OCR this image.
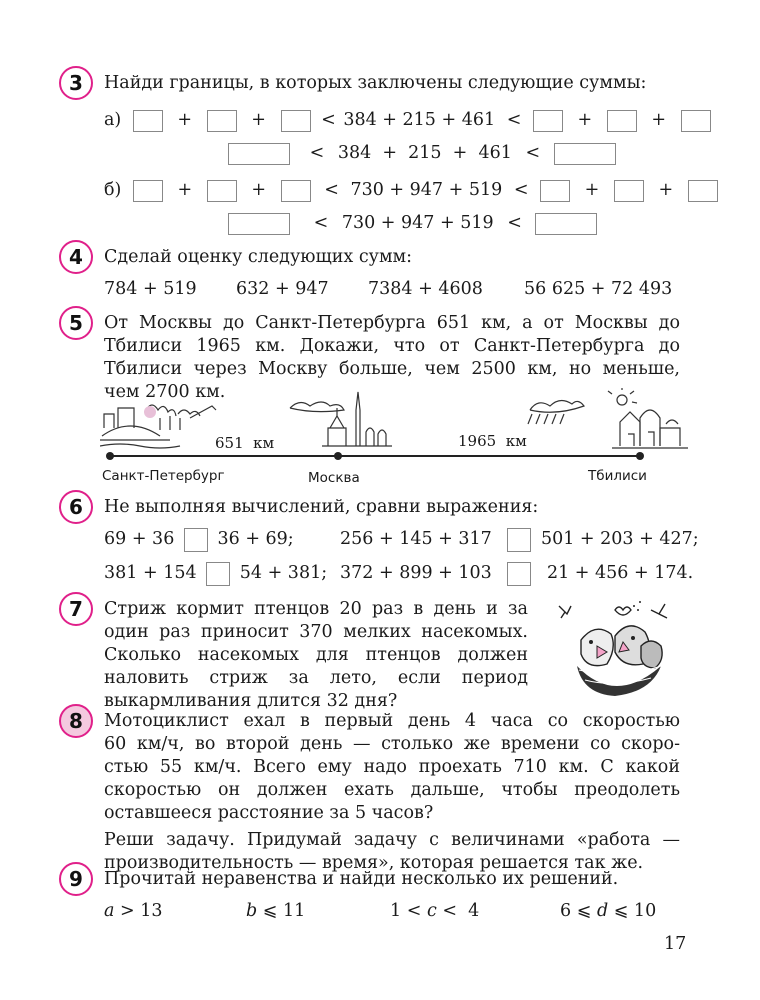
3	Найди границы, в которых заключены следующие суммы:
а)	+	+	< 384 + 215 + 461 <	+	+
< 384  +  215  +  461 <
б)	+	+	< 730 + 947 + 519 <	+	+
< 730 + 947 + 519 <
4	Сделай оценку следующих сумм:
784 + 519 632 + 947 7384 + 4608 56 625 + 72 493
5	От Москвы до Санкт-Петербурга 651 км, а от Москвы до
Тбилиси 1965 км. Докажи, что от Санкт-Петербурга до
Тбилиси через Москву больше, чем 2500 км, но меньше,
чем 2700 км.
651  км	1965  км
Санкт-Петербург	Москва	Тбилиси
6	Не выполняя вычислений, сравни выражения:
69 + 36 36 + 69;	256 + 145 + 317	501 + 203 + 427;
381 + 154 54 + 381; 372 + 899 + 103	21 + 456 + 174.
7	Стриж кормит птенцов 20 раз в день и за
один раз приносит 370 мелких насекомых.
Сколько насекомых для птенцов должен
наловить стриж за лето, если период
выкармливания длится 32 дня?
8	Мотоциклист ехал в первый день 4 часа со скоростью
60 км/ч, во второй день — столько же времени со скоро-
стью 55 км/ч. Всего ему надо проехать 710 км. С какой
скоростью он должен ехать дальше, чтобы преодолеть
оставшееся расстояние за 5 часов?
Реши задачу. Придумай задачу с величинами «работа —
производительность — время», которая решается так же.
9	Прочитай неравенства и найди несколько их решений.
a > 13	b ⩽ 11	1 < c <  4	6 ⩽ d ⩽ 10
17
